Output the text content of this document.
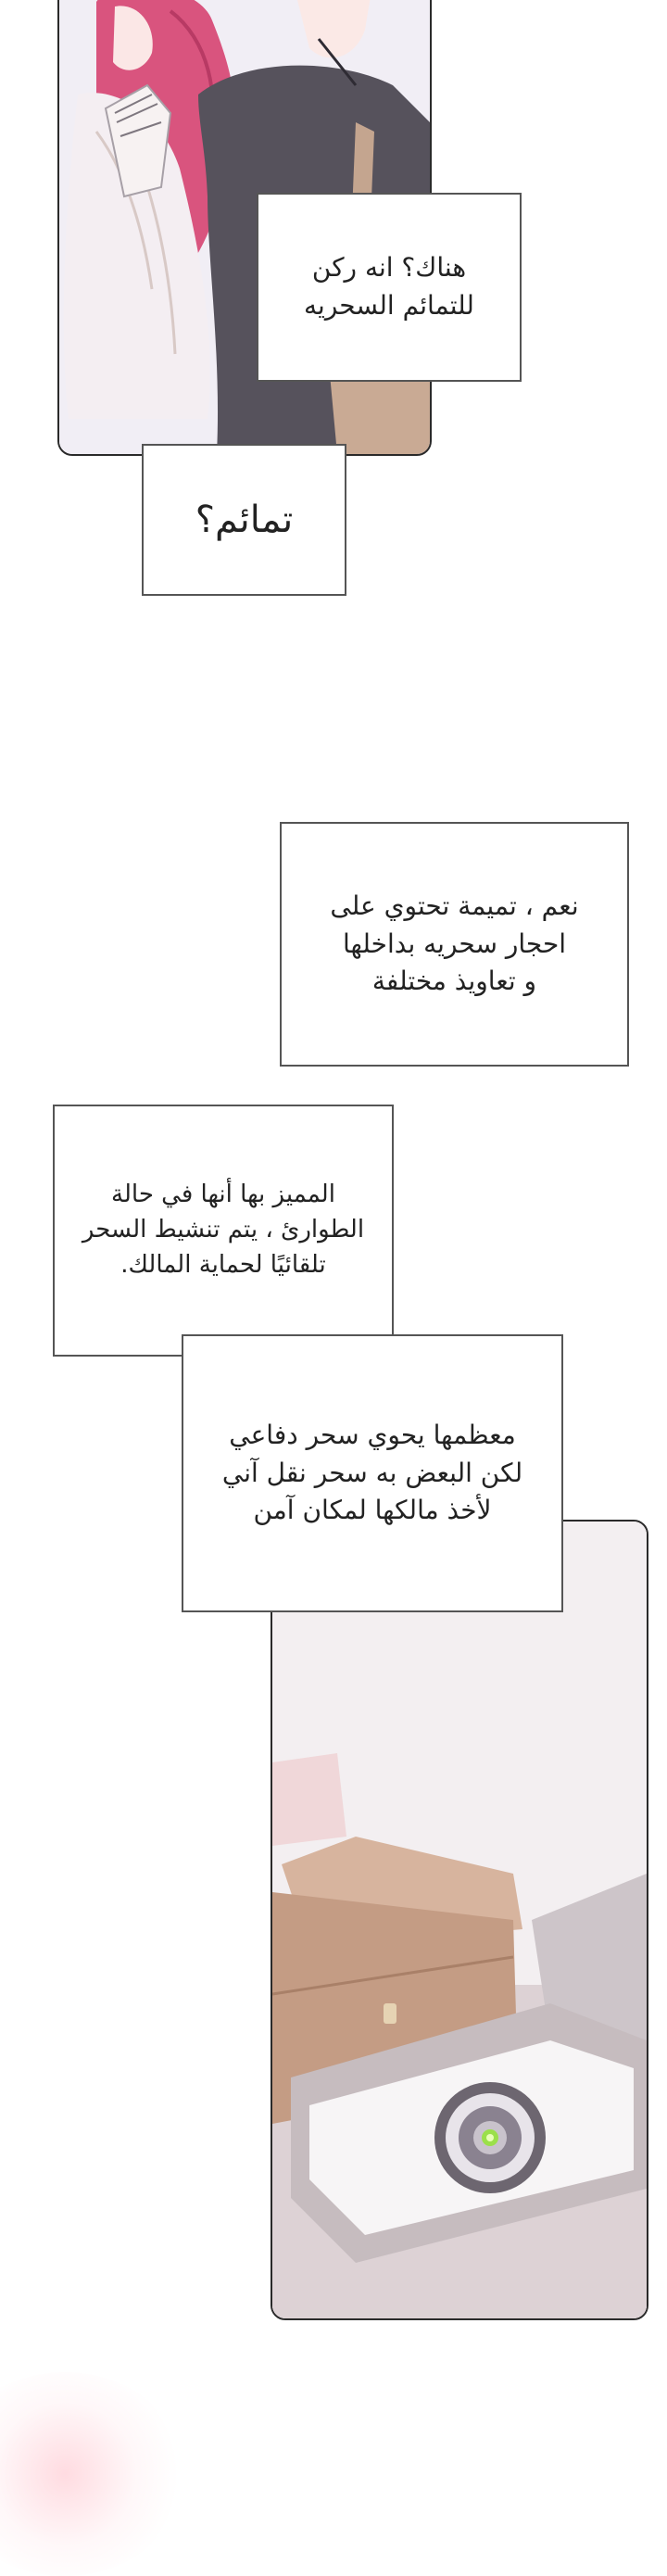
هناك؟ انه ركن
للتمائم السحريه
تمائم؟
نعم ، تميمة تحتوي على
احجار سحريه بداخلها
و تعاويذ مختلفة
المميز بها أنها في حالة
الطوارئ ، يتم تنشيط السحر
تلقائيًا لحماية المالك.
معظمها يحوي سحر دفاعي
لكن البعض به سحر نقل آني
لأخذ مالكها لمكان آمن
